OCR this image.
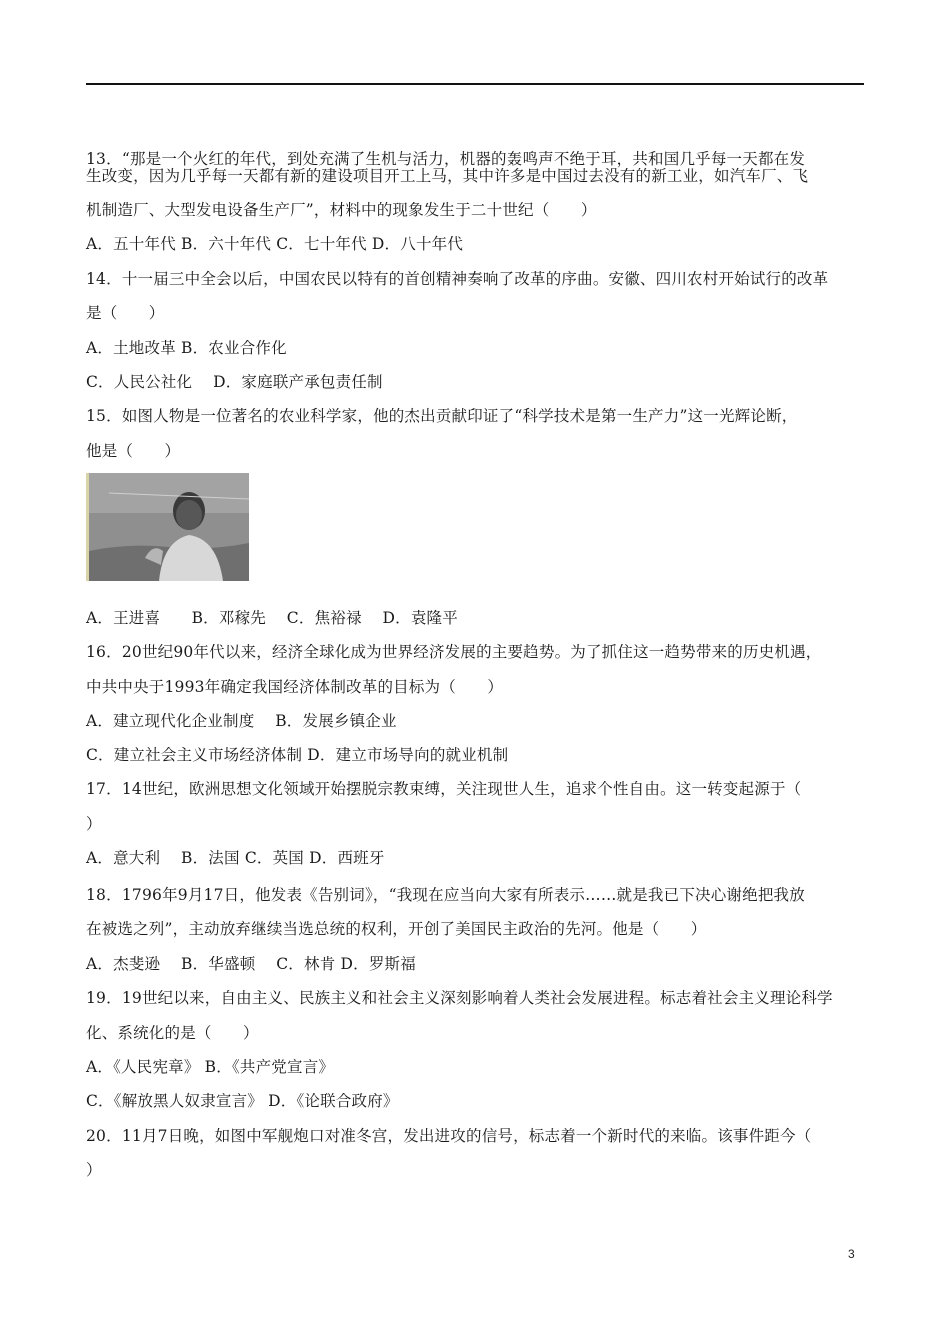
13．“那是一个火红的年代，到处充满了生机与活力，机器的轰鸣声不绝于耳，共和国几乎每一天都在发
生改变，因为几乎每一天都有新的建设项目开工上马，其中许多是中国过去没有的新工业，如汽车厂、飞
机制造厂、大型发电设备生产厂”，材料中的现象发生于二十世纪（　　）
A．五十年代 B．六十年代 C．七十年代 D．八十年代
14．十一届三中全会以后，中国农民以特有的首创精神奏响了改革的序曲。安徽、四川农村开始试行的改革
是（　　）
A．土地改革 B．农业合作化
C．人民公社化　 D．家庭联产承包责任制
15．如图人物是一位著名的农业科学家，他的杰出贡献印证了“科学技术是第一生产力”这一光辉论断，
他是（　　）
A．王进喜　　B．邓稼先　 C．焦裕禄　 D．袁隆平
16．20世纪90年代以来，经济全球化成为世界经济发展的主要趋势。为了抓住这一趋势带来的历史机遇，
中共中央于1993年确定我国经济体制改革的目标为（　　）
A．建立现代化企业制度　 B．发展乡镇企业
C．建立社会主义市场经济体制 D．建立市场导向的就业机制
17．14世纪，欧洲思想文化领域开始摆脱宗教束缚，关注现世人生，追求个性自由。这一转变起源于（
）
A．意大利　 B．法国 C．英国 D．西班牙
18．1796年9月17日，他发表《告别词》，“我现在应当向大家有所表示……就是我已下决心谢绝把我放
在被选之列”，主动放弃继续当选总统的权利，开创了美国民主政治的先河。他是（　　）
A．杰斐逊　 B．华盛顿　 C．林肯 D．罗斯福
19．19世纪以来，自由主义、民族主义和社会主义深刻影响着人类社会发展进程。标志着社会主义理论科学
化、系统化的是（　　）
A．《人民宪章》 B．《共产党宣言》
C．《解放黑人奴隶宣言》 D．《论联合政府》
20．11月7日晚，如图中军舰炮口对准冬宫，发出进攻的信号，标志着一个新时代的来临。该事件距今（
）
3
